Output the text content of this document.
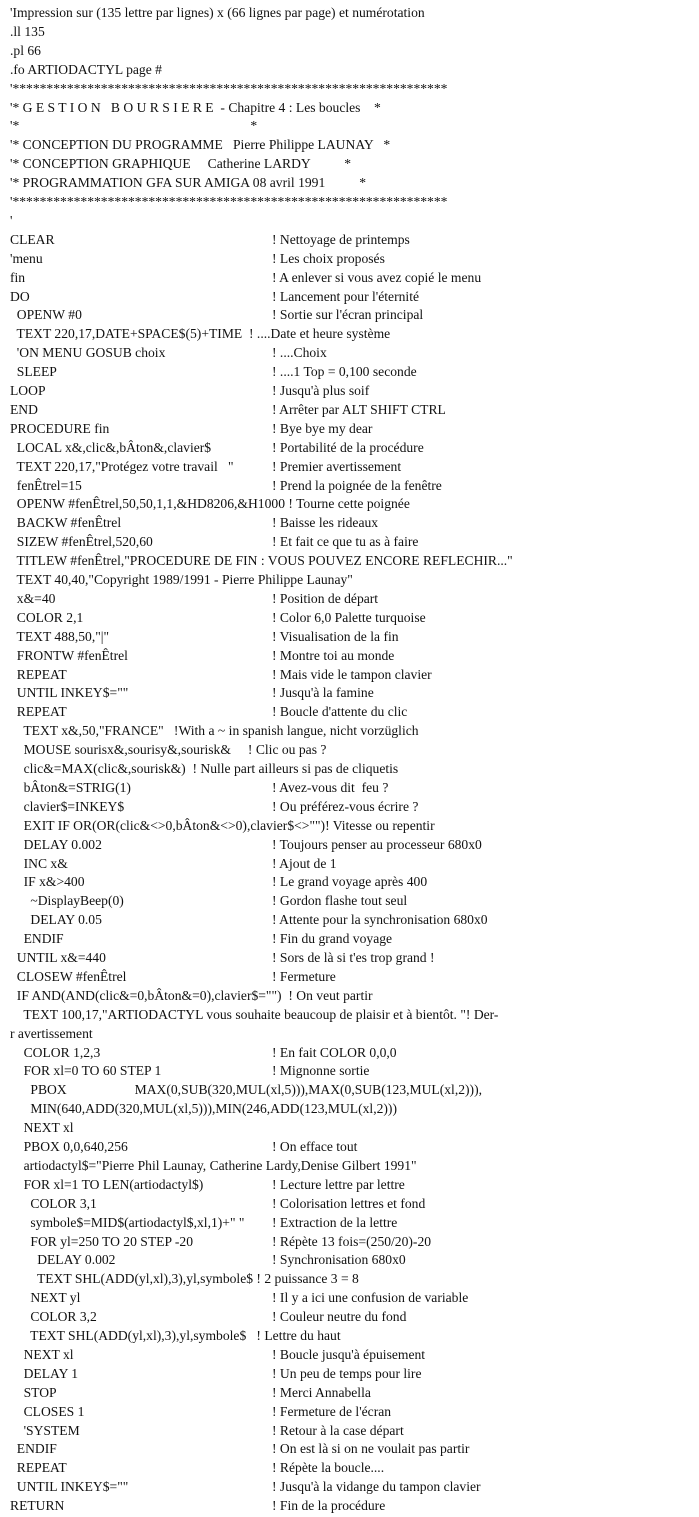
'Impression sur (135 lettre par lignes) x (66 lignes par page) et numérotation
.ll 135
.pl 66
.fo ARTIODACTYL page #
'****************************************************************
'* G E S T I O N   B O U R S I E R E  - Chapitre 4 : Les boucles    *
'*                                                                    *
'* CONCEPTION DU PROGRAMME   Pierre Philippe LAUNAY   *
'* CONCEPTION GRAPHIQUE     Catherine LARDY          *
'* PROGRAMMATION GFA SUR AMIGA 08 avril 1991          *
'****************************************************************
'
CLEAR	! Nettoyage de printemps
'menu	! Les choix proposés
fin	! A enlever si vous avez copié le menu
DO	! Lancement pour l'éternité
OPENW #0	! Sortie sur l'écran principal
TEXT 220,17,DATE+SPACE$(5)+TIME  ! ....Date et heure système
'ON MENU GOSUB choix	! ....Choix
SLEEP	! ....1 Top = 0,100 seconde
LOOP	! Jusqu'à plus soif
END	! Arrêter par ALT SHIFT CTRL
PROCEDURE fin	! Bye bye my dear
LOCAL x&,clic&,bÂton&,clavier$	! Portabilité de la procédure
TEXT 220,17,"Protégez votre travail   "	! Premier avertissement
fenÊtrel=15	! Prend la poignée de la fenêtre
OPENW #fenÊtrel,50,50,1,1,&HD8206,&H1000 ! Tourne cette poignée
BACKW #fenÊtrel	! Baisse les rideaux
SIZEW #fenÊtrel,520,60	! Et fait ce que tu as à faire
TITLEW #fenÊtrel,"PROCEDURE DE FIN : VOUS POUVEZ ENCORE REFLECHIR..."
TEXT 40,40,"Copyright 1989/1991 - Pierre Philippe Launay"
x&=40	! Position de départ
COLOR 2,1	! Color 6,0 Palette turquoise
TEXT 488,50,"|"	! Visualisation de la fin
FRONTW #fenÊtrel	! Montre toi au monde
REPEAT	! Mais vide le tampon clavier
UNTIL INKEY$=""	! Jusqu'à la famine
REPEAT	! Boucle d'attente du clic
TEXT x&,50,"FRANCE"   !With a ~ in spanish langue, nicht vorzüglich
MOUSE sourisx&,sourisy&,sourisk&     ! Clic ou pas ?
clic&=MAX(clic&,sourisk&)  ! Nulle part ailleurs si pas de cliquetis
bÂton&=STRIG(1)	! Avez-vous dit  feu ?
clavier$=INKEY$	! Ou préférez-vous écrire ?
EXIT IF OR(OR(clic&<>0,bÂton&<>0),clavier$<>"")! Vitesse ou repentir
DELAY 0.002	! Toujours penser au processeur 680x0
INC x&	! Ajout de 1
IF x&>400	! Le grand voyage après 400
~DisplayBeep(0)	! Gordon flashe tout seul
DELAY 0.05	! Attente pour la synchronisation 680x0
ENDIF	! Fin du grand voyage
UNTIL x&=440	! Sors de là si t'es trop grand !
CLOSEW #fenÊtrel	! Fermeture
IF AND(AND(clic&=0,bÂton&=0),clavier$="")  ! On veut partir
TEXT 100,17,"ARTIODACTYL vous souhaite beaucoup de plaisir et à bientôt. "! Der-
r avertissement
COLOR 1,2,3	! En fait COLOR 0,0,0
FOR xl=0 TO 60 STEP 1	! Mignonne sortie
PBOX                    MAX(0,SUB(320,MUL(xl,5))),MAX(0,SUB(123,MUL(xl,2))),
MIN(640,ADD(320,MUL(xl,5))),MIN(246,ADD(123,MUL(xl,2)))
NEXT xl
PBOX 0,0,640,256	! On efface tout
artiodactyl$="Pierre Phil Launay, Catherine Lardy,Denise Gilbert 1991"
FOR xl=1 TO LEN(artiodactyl$)	! Lecture lettre par lettre
COLOR 3,1	! Colorisation lettres et fond
symbole$=MID$(artiodactyl$,xl,1)+" " ! Extraction de la lettre
FOR yl=250 TO 20 STEP -20	! Répète 13 fois=(250/20)-20
DELAY 0.002	! Synchronisation 680x0
TEXT SHL(ADD(yl,xl),3),yl,symbole$ ! 2 puissance 3 = 8
NEXT yl	! Il y a ici une confusion de variable
COLOR 3,2	! Couleur neutre du fond
TEXT SHL(ADD(yl,xl),3),yl,symbole$   ! Lettre du haut
NEXT xl	! Boucle jusqu'à épuisement
DELAY 1	! Un peu de temps pour lire
STOP	! Merci Annabella
CLOSES 1	! Fermeture de l'écran
'SYSTEM	! Retour à la case départ
ENDIF	! On est là si on ne voulait pas partir
REPEAT	! Répète la boucle....
UNTIL INKEY$=""	! Jusqu'à la vidange du tampon clavier
RETURN	! Fin de la procédure
